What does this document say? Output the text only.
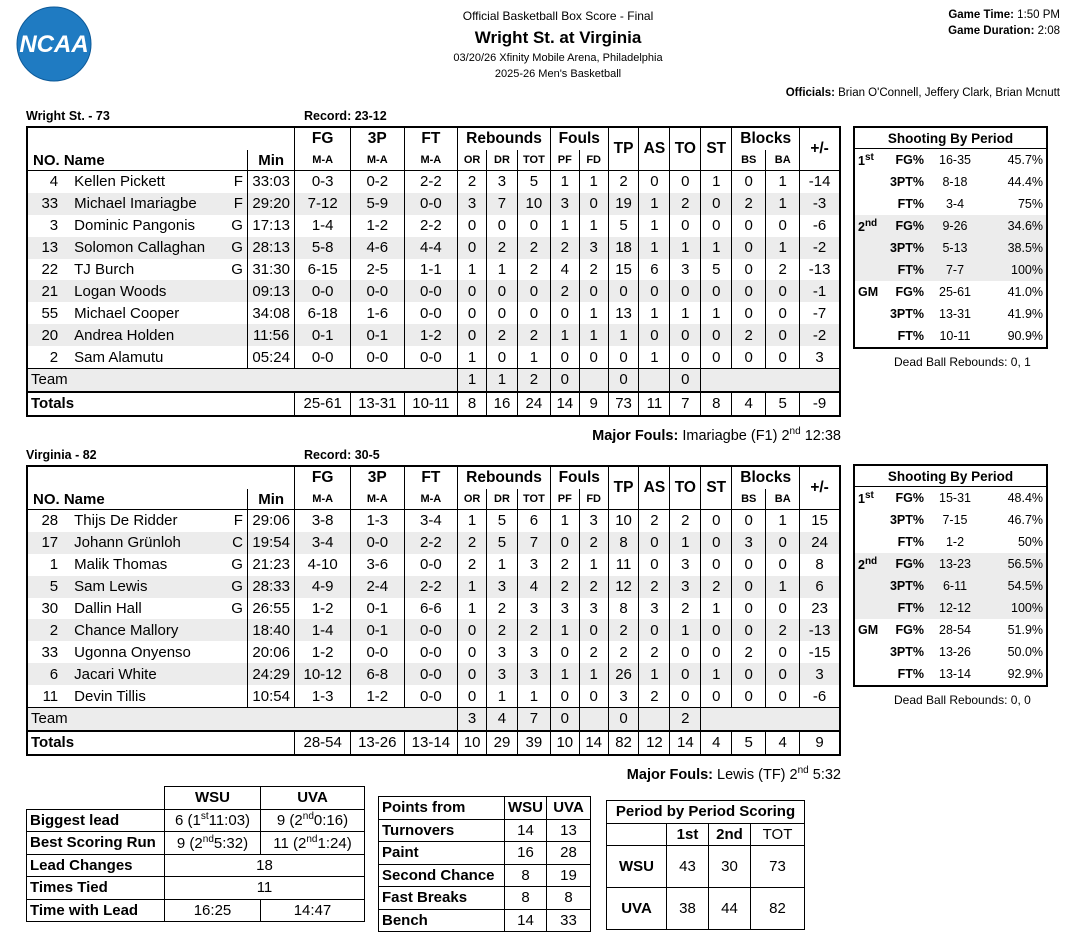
NCAA
Official Basketball Box Score - Final
Wright St. at Virginia
03/20/26 Xfinity Mobile Arena, Philadelphia
2025-26 Men's Basketball
Game Time: 1:50 PM
Game Duration: 2:08
Officials: Brian O'Connell, Jeffery Clark, Brian Mcnutt
Wright St. - 73	Record: 23-12
				FG	3P	FT	Rebounds			Fouls		TP	AS	TO	ST	Blocks		+/-
NO. Name			Min	M-A	M-A	M-A	OR	DR	TOT	PF	FD					BS	BA	
4	Kellen Pickett	F	33:03	0-3	0-2	2-2	2	3	5	1	1	2	0	0	1	0	1	-14
33	Michael Imariagbe	F	29:20	7-12	5-9	0-0	3	7	10	3	0	19	1	2	0	2	1	-3
3	Dominic Pangonis	G	17:13	1-4	1-2	2-2	0	0	0	1	1	5	1	0	0	0	0	-6
13	Solomon Callaghan	G	28:13	5-8	4-6	4-4	0	2	2	2	3	18	1	1	1	0	1	-2
22	TJ Burch	G	31:30	6-15	2-5	1-1	1	1	2	4	2	15	6	3	5	0	2	-13
21	Logan Woods		09:13	0-0	0-0	0-0	0	0	0	2	0	0	0	0	0	0	0	-1
55	Michael Cooper		34:08	6-18	1-6	0-0	0	0	0	0	1	13	1	1	1	0	0	-7
20	Andrea Holden		11:56	0-1	0-1	1-2	0	2	2	1	1	1	0	0	0	2	0	-2
2	Sam Alamutu		05:24	0-0	0-0	0-0	1	0	1	0	0	0	1	0	0	0	0	3
Team							1	1	2	0		0		0				
Totals				25-61	13-31	10-11	8	16	24	14	9	73	11	7	8	4	5	-9
Shooting By Period			
1st	FG%	16-35	45.7%
	3PT%	8-18	44.4%
	FT%	3-4	75%
2nd	FG%	9-26	34.6%
	3PT%	5-13	38.5%
	FT%	7-7	100%
GM	FG%	25-61	41.0%
	3PT%	13-31	41.9%
	FT%	10-11	90.9%
Dead Ball Rebounds: 0, 1
Major Fouls: Imariagbe (F1) 2nd 12:38
Virginia - 82	Record: 30-5
				FG	3P	FT	Rebounds			Fouls		TP	AS	TO	ST	Blocks		+/-
NO. Name			Min	M-A	M-A	M-A	OR	DR	TOT	PF	FD					BS	BA	
28	Thijs De Ridder	F	29:06	3-8	1-3	3-4	1	5	6	1	3	10	2	2	0	0	1	15
17	Johann Grünloh	C	19:54	3-4	0-0	2-2	2	5	7	0	2	8	0	1	0	3	0	24
1	Malik Thomas	G	21:23	4-10	3-6	0-0	2	1	3	2	1	11	0	3	0	0	0	8
5	Sam Lewis	G	28:33	4-9	2-4	2-2	1	3	4	2	2	12	2	3	2	0	1	6
30	Dallin Hall	G	26:55	1-2	0-1	6-6	1	2	3	3	3	8	3	2	1	0	0	23
2	Chance Mallory		18:40	1-4	0-1	0-0	0	2	2	1	0	2	0	1	0	0	2	-13
33	Ugonna Onyenso		20:06	1-2	0-0	0-0	0	3	3	0	2	2	2	0	0	2	0	-15
6	Jacari White		24:29	10-12	6-8	0-0	0	3	3	1	1	26	1	0	1	0	0	3
11	Devin Tillis		10:54	1-3	1-2	0-0	0	1	1	0	0	3	2	0	0	0	0	-6
Team							3	4	7	0		0		2				
Totals				28-54	13-26	13-14	10	29	39	10	14	82	12	14	4	5	4	9
Shooting By Period			
1st	FG%	15-31	48.4%
	3PT%	7-15	46.7%
	FT%	1-2	50%
2nd	FG%	13-23	56.5%
	3PT%	6-11	54.5%
	FT%	12-12	100%
GM	FG%	28-54	51.9%
	3PT%	13-26	50.0%
	FT%	13-14	92.9%
Dead Ball Rebounds: 0, 0
Major Fouls: Lewis (TF) 2nd 5:32
	WSU	UVA
Biggest lead	6 (1st11:03)	9 (2nd0:16)
Best Scoring Run	9 (2nd5:32)	11 (2nd1:24)
Lead Changes	18	
Times Tied	11	
Time with Lead	16:25	14:47
Points from	WSU	UVA
Turnovers	14	13
Paint	16	28
Second Chance	8	19
Fast Breaks	8	8
Bench	14	33
Period by Period Scoring			
	1st	2nd	TOT
WSU	43	30	73
UVA	38	44	82
